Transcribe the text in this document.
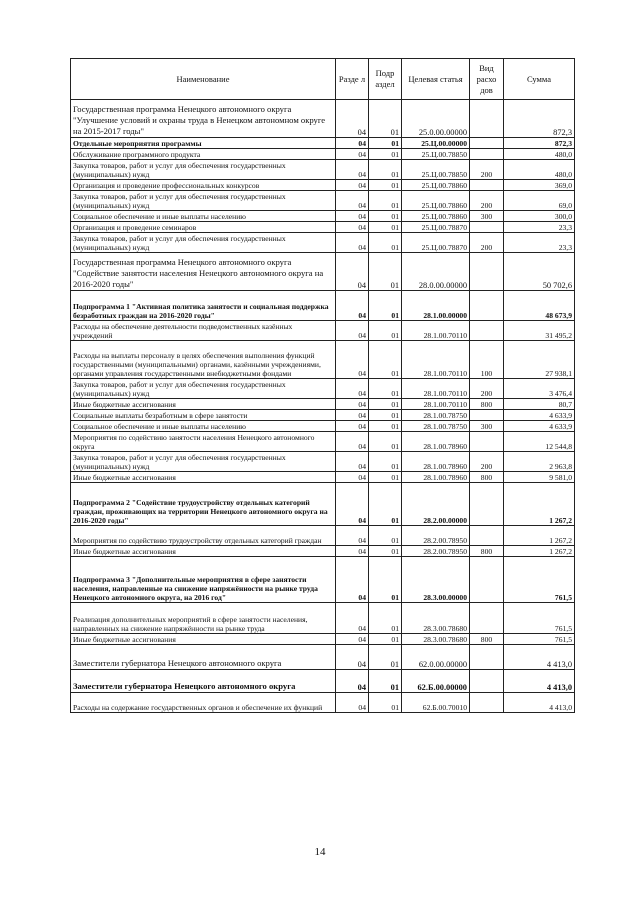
Наименование	Разде л	Подр аздел	Целевая статья	Вид расхо дов	Сумма
Государственная программа Ненецкого автономного округа "Улучшение условий и охраны труда в Ненецком автономном округе на 2015-2017 годы"	04	01	25.0.00.00000		872,3
Отдельные мероприятия программы	04	01	25.Ц.00.00000		872,3
Обслуживание программного продукта	04	01	25.Ц.00.78850		480,0
Закупка товаров, работ и услуг для обеспечения государственных (муниципальных) нужд	04	01	25.Ц.00.78850	200	480,0
Организация и проведение профессиональных конкурсов	04	01	25.Ц.00.78860		369,0
Закупка товаров, работ и услуг для обеспечения государственных (муниципальных) нужд	04	01	25.Ц.00.78860	200	69,0
Социальное обеспечение и иные выплаты населению	04	01	25.Ц.00.78860	300	300,0
Организация и проведение семинаров	04	01	25.Ц.00.78870		23,3
Закупка товаров, работ и услуг для обеспечения государственных (муниципальных) нужд	04	01	25.Ц.00.78870	200	23,3
Государственная программа Ненецкого автономного округа "Содействие занятости населения Ненецкого автономного округа на 2016-2020 годы"	04	01	28.0.00.00000		50 702,6
Подпрограмма 1 "Активная политика занятости и социальная поддержка безработных граждан на 2016-2020 годы"	04	01	28.1.00.00000		48 673,9
Расходы на обеспечение деятельности подведомственных казённых учреждений	04	01	28.1.00.70110		31 495,2
Расходы на выплаты персоналу в целях обеспечения выполнения функций государственными (муниципальными) органами, казёнными учреждениями, органами управления государственными внебюджетными фондами	04	01	28.1.00.70110	100	27 938,1
Закупка товаров, работ и услуг для обеспечения государственных (муниципальных) нужд	04	01	28.1.00.70110	200	3 476,4
Иные бюджетные ассигнования	04	01	28.1.00.70110	800	80,7
Социальные выплаты безработным в сфере занятости	04	01	28.1.00.78750		4 633,9
Социальное обеспечение и иные выплаты населению	04	01	28.1.00.78750	300	4 633,9
Мероприятия по содействию занятости населения Ненецкого автономного округа	04	01	28.1.00.78960		12 544,8
Закупка товаров, работ и услуг для обеспечения государственных (муниципальных) нужд	04	01	28.1.00.78960	200	2 963,8
Иные бюджетные ассигнования	04	01	28.1.00.78960	800	9 581,0
Подпрограмма 2 "Содействие трудоустройству отдельных категорий граждан, проживающих на территории Ненецкого автономного округа на 2016-2020 годы"	04	01	28.2.00.00000		1 267,2
Мероприятия по содействию трудоустройству отдельных категорий граждан	04	01	28.2.00.78950		1 267,2
Иные бюджетные ассигнования	04	01	28.2.00.78950	800	1 267,2
Подпрограмма 3 "Дополнительные мероприятия в сфере занятости населения, направленные на снижение напряжённости на рынке труда Ненецкого автономного округа, на 2016 год"	04	01	28.3.00.00000		761,5
Реализация дополнительных мероприятий в сфере занятости населения, направленных на снижение напряжённости на рынке труда	04	01	28.3.00.78680		761,5
Иные бюджетные ассигнования	04	01	28.3.00.78680	800	761,5
Заместители губернатора Ненецкого автономного округа	04	01	62.0.00.00000		4 413,0
Заместители губернатора Ненецкого автономного округа	04	01	62.Б.00.00000		4 413,0
Расходы на содержание государственных органов и обеспечение их функций	04	01	62.Б.00.70010		4 413,0
14
